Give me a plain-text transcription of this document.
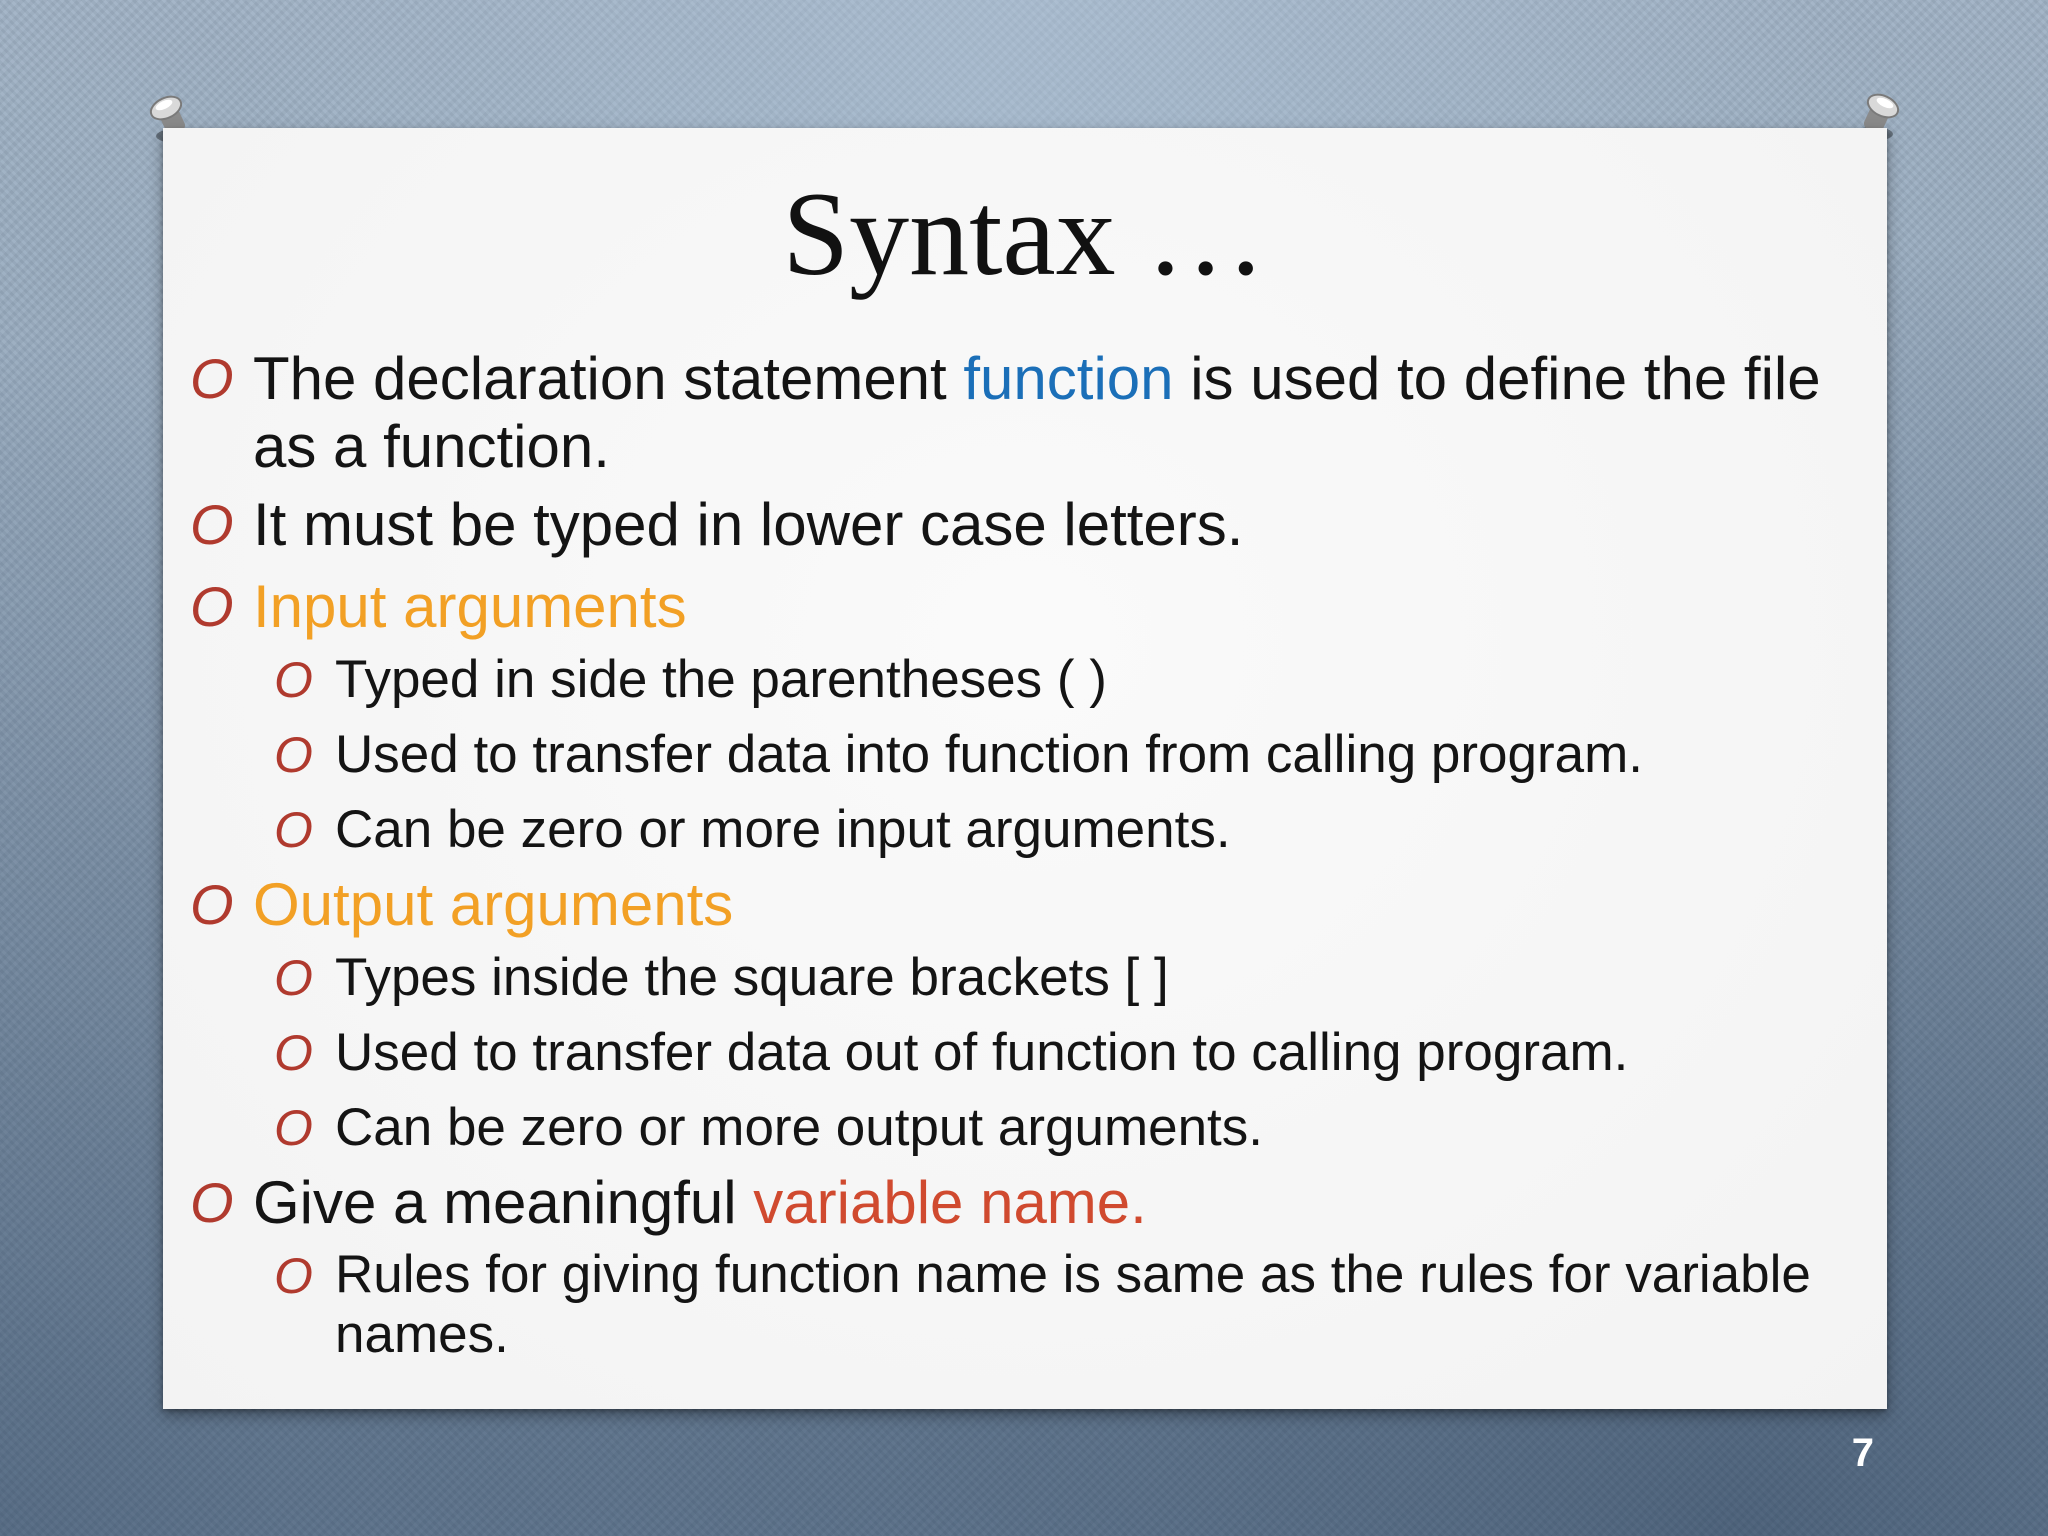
Syntax …
O The declaration statement function is used to define the file as a function.
O It must be typed in lower case letters.
O Input arguments
O Typed in side the parentheses ( )
O Used to transfer data into function from calling program.
O Can be zero or more input arguments.
O Output arguments
O Types inside the square brackets [ ]
O Used to transfer data out of function to calling program.
O Can be zero or more output arguments.
O Give a meaningful variable name.
O Rules for giving function name is same as the rules for variable names.
7
